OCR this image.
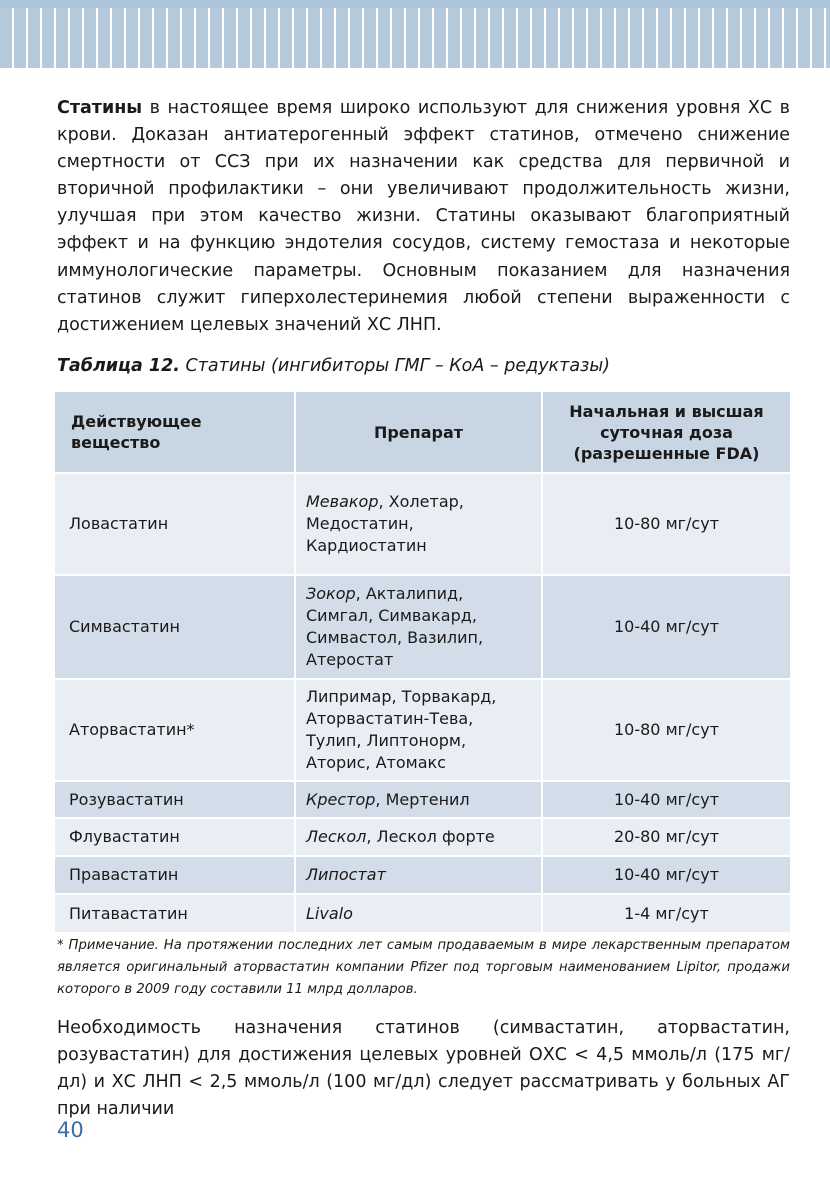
Статины в настоящее время широко используют для снижения уровня ХС в крови. Доказан антиатерогенный эффект статинов, отмечено снижение смертности от ССЗ при их назначении как средства для первичной и вторичной профилактики – они увеличивают продолжительность жизни, улучшая при этом качество жизни. Статины оказывают благоприятный эффект и на функцию эндотелия сосудов, систему гемостаза и некоторые иммунологические параметры. Основным показанием для назначения статинов служит гиперхолестеринемия любой степени выраженности с достижением целевых значений ХС ЛНП.

Таблица 12. Статины (ингибиторы ГМГ – КоА – редуктазы)

Действующее вещество	Препарат	Начальная и высшая суточная доза (разрешенные FDA)
Ловастатин	Мевакор, Холетар, Медостатин, Кардиостатин	10-80 мг/сут
Симвастатин	Зокор, Акталипид, Симгал, Симвакард, Симвастол, Вазилип, Атеростат	10-40 мг/сут
Аторвастатин*	Липримар, Торвакард, Аторвастатин-Тева, Тулип, Липтонорм, Аторис, Атомакс	10-80 мг/сут
Розувастатин	Крестор, Мертенил	10-40 мг/сут
Флувастатин	Лескол, Лескол форте	20-80 мг/сут
Правастатин	Липостат	10-40 мг/сут
Питавастатин	Livalo	1-4 мг/сут

* Примечание. На протяжении последних лет самым продаваемым в мире лекарственным препаратом является оригинальный аторвастатин компании Pfizer под торговым наименованием Lipitor, продажи которого в 2009 году составили 11 млрд долларов.

Необходимость назначения статинов (симвастатин, аторвастатин, розувастатин) для достижения целевых уровней ОХС < 4,5 ммоль/л (175 мг/дл) и ХС ЛНП < 2,5 ммоль/л (100 мг/дл) следует рассматривать у больных АГ при наличии

40
